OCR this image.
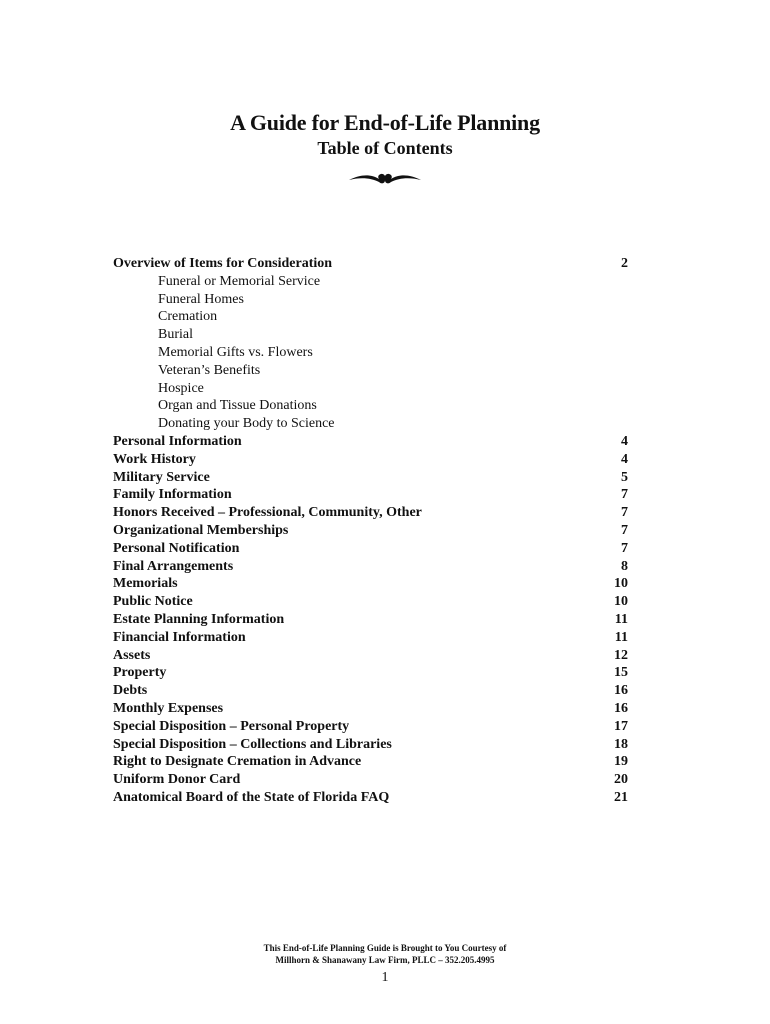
A Guide for End-of-Life Planning
Table of Contents
Overview of Items for Consideration	2
Funeral or Memorial Service
Funeral Homes
Cremation
Burial
Memorial Gifts vs. Flowers
Veteran’s Benefits
Hospice
Organ and Tissue Donations
Donating your Body to Science
Personal Information	4
Work History	4
Military Service	5
Family Information	7
Honors Received – Professional, Community, Other	7
Organizational Memberships	7
Personal Notification	7
Final Arrangements	8
Memorials	10
Public Notice	10
Estate Planning Information	11
Financial Information	11
Assets	12
Property	15
Debts	16
Monthly Expenses	16
Special Disposition – Personal Property	17
Special Disposition – Collections and Libraries	18
Right to Designate Cremation in Advance	19
Uniform Donor Card	20
Anatomical Board of the State of Florida FAQ	21
This End-of-Life Planning Guide is Brought to You Courtesy of
Millhorn & Shanawany Law Firm, PLLC – 352.205.4995
1
